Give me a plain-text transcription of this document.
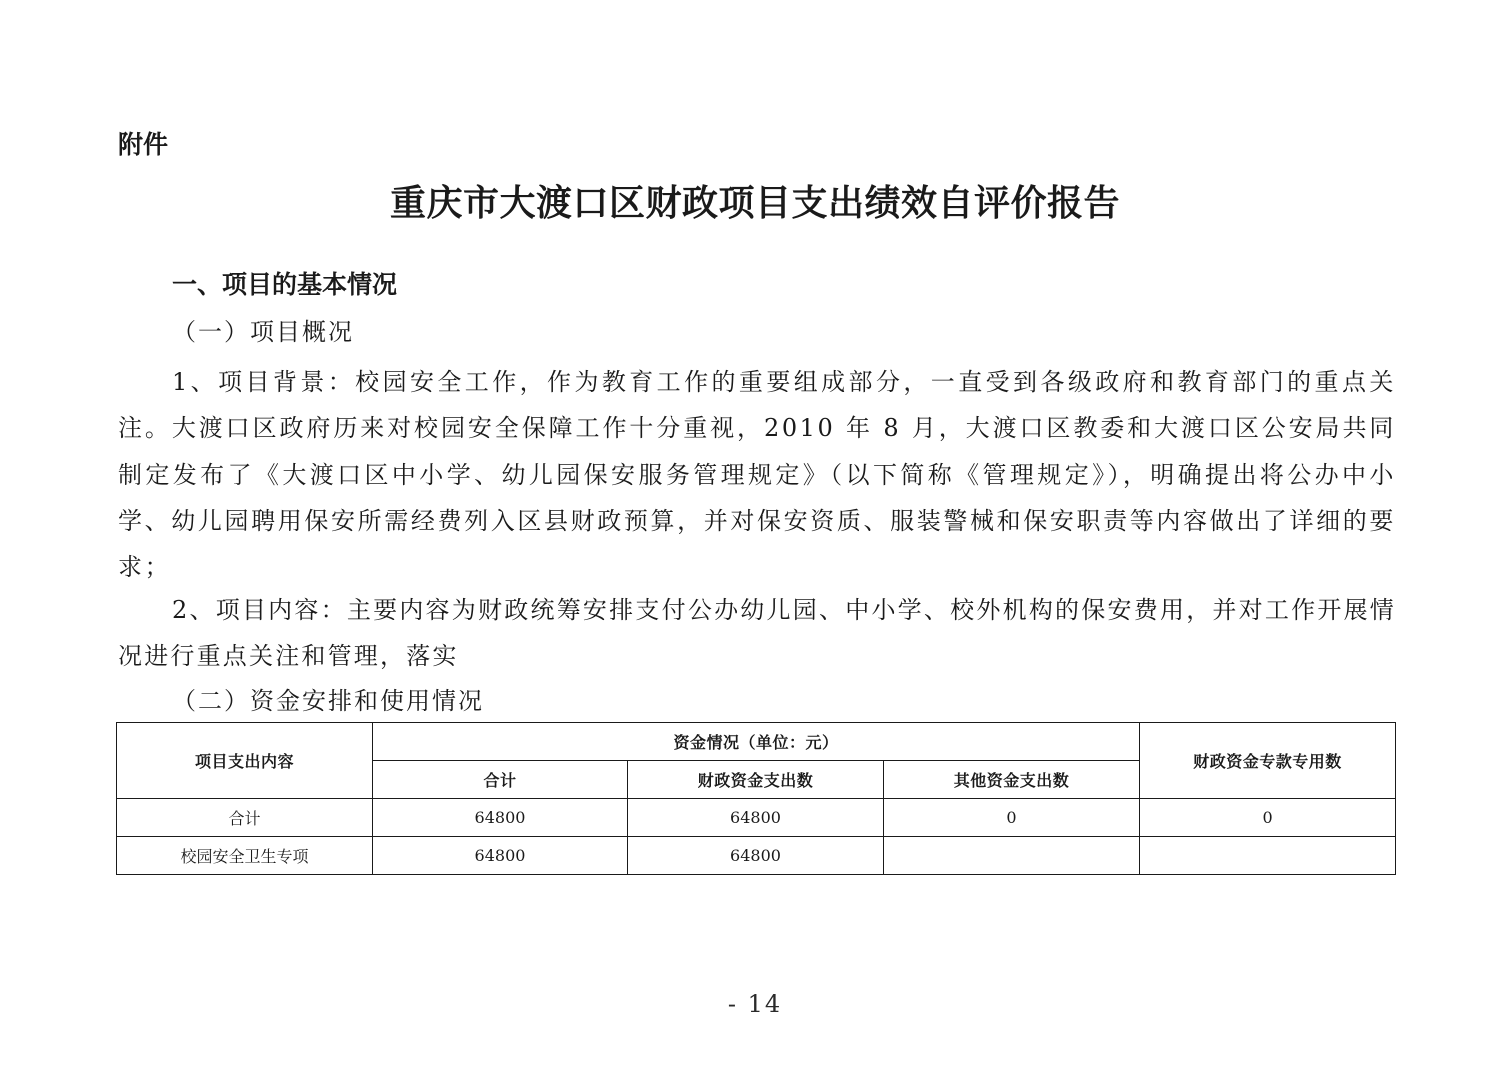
附件
重庆市大渡口区财政项目支出绩效自评价报告
一、项目的基本情况
（一）项目概况

1、项目背景：校园安全工作，作为教育工作的重要组成部分，一直受到各级政府和教育部门的重点关注。大渡口区政府历来对校园安全保障工作十分重视，2010 年 8 月，大渡口区教委和大渡口区公安局共同制定发布了《大渡口区中小学、幼儿园保安服务管理规定》（以下简称《管理规定》），明确提出将公办中小学、幼儿园聘用保安所需经费列入区县财政预算，并对保安资质、服装警械和保安职责等内容做出了详细的要求；

2、项目内容：主要内容为财政统筹安排支付公办幼儿园、中小学、校外机构的保安费用，并对工作开展情况进行重点关注和管理，落实

（二）资金安排和使用情况
项目支出内容	资金情况（单位：元）			财政资金专款专用数
	合计	财政资金支出数	其他资金支出数	
合计	64800	64800	0	0
校园安全卫生专项	64800	64800		
- 14
